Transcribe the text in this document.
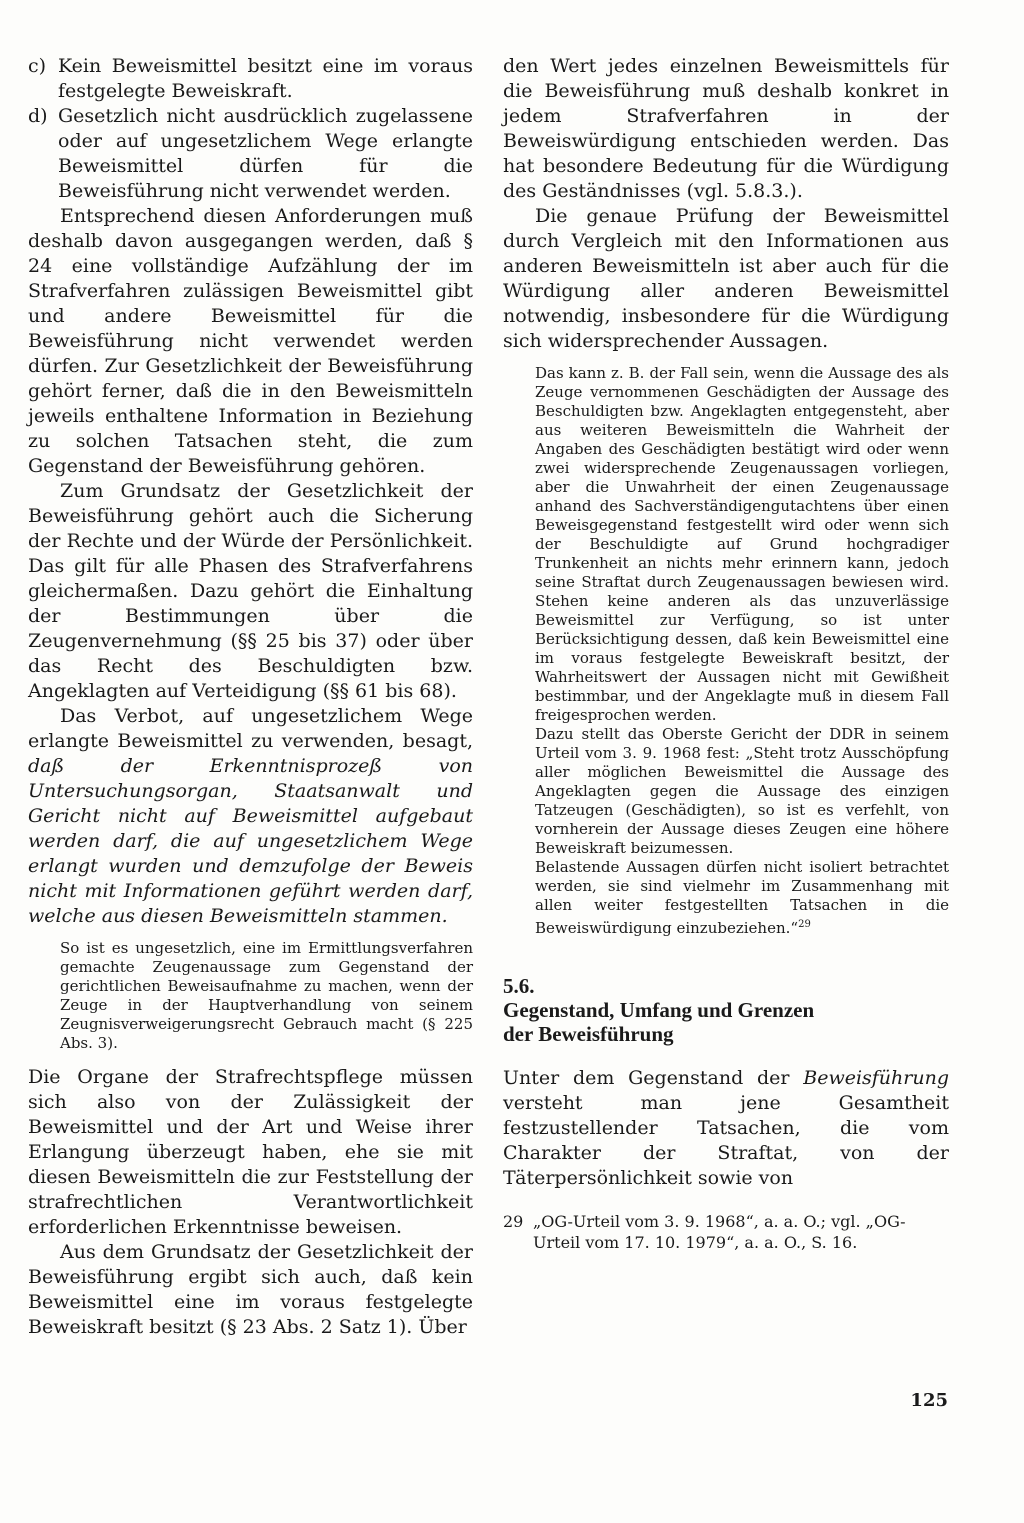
c) Kein Beweismittel besitzt eine im voraus festgelegte Beweiskraft.
d) Gesetzlich nicht ausdrücklich zugelassene oder auf ungesetzlichem Wege erlangte Beweismittel dürfen für die Beweisführung nicht verwendet werden.

Entsprechend diesen Anforderungen muß deshalb davon ausgegangen werden, daß § 24 eine vollständige Aufzählung der im Strafverfahren zulässigen Beweismittel gibt und andere Beweismittel für die Beweisführung nicht verwendet werden dürfen. Zur Gesetzlichkeit der Beweisführung gehört ferner, daß die in den Beweismitteln jeweils enthaltene Information in Beziehung zu solchen Tatsachen steht, die zum Gegenstand der Beweisführung gehören.

Zum Grundsatz der Gesetzlichkeit der Beweisführung gehört auch die Sicherung der Rechte und der Würde der Persönlichkeit. Das gilt für alle Phasen des Strafverfahrens gleichermaßen. Dazu gehört die Einhaltung der Bestimmungen über die Zeugenvernehmung (§§ 25 bis 37) oder über das Recht des Beschuldigten bzw. Angeklagten auf Verteidigung (§§ 61 bis 68).

Das Verbot, auf ungesetzlichem Wege erlangte Beweismittel zu verwenden, besagt, daß der Erkenntnisprozeß von Untersuchungsorgan, Staatsanwalt und Gericht nicht auf Beweismittel aufgebaut werden darf, die auf ungesetzlichem Wege erlangt wurden und demzufolge der Beweis nicht mit Informationen geführt werden darf, welche aus diesen Beweismitteln stammen.

So ist es ungesetzlich, eine im Ermittlungsverfahren gemachte Zeugenaussage zum Gegenstand der gerichtlichen Beweisaufnahme zu machen, wenn der Zeuge in der Hauptverhandlung von seinem Zeugnisverweigerungsrecht Gebrauch macht (§ 225 Abs. 3).

Die Organe der Strafrechtspflege müssen sich also von der Zulässigkeit der Beweismittel und der Art und Weise ihrer Erlangung überzeugt haben, ehe sie mit diesen Beweismitteln die zur Feststellung der strafrechtlichen Verantwortlichkeit erforderlichen Erkenntnisse beweisen.

Aus dem Grundsatz der Gesetzlichkeit der Beweisführung ergibt sich auch, daß kein Beweismittel eine im voraus festgelegte Beweiskraft besitzt (§ 23 Abs. 2 Satz 1). Über

den Wert jedes einzelnen Beweismittels für die Beweisführung muß deshalb konkret in jedem Strafverfahren in der Beweiswürdigung entschieden werden. Das hat besondere Bedeutung für die Würdigung des Geständnisses (vgl. 5.8.3.).

Die genaue Prüfung der Beweismittel durch Vergleich mit den Informationen aus anderen Beweismitteln ist aber auch für die Würdigung aller anderen Beweismittel notwendig, insbesondere für die Würdigung sich widersprechender Aussagen.

Das kann z. B. der Fall sein, wenn die Aussage des als Zeuge vernommenen Geschädigten der Aussage des Beschuldigten bzw. Angeklagten entgegensteht, aber aus weiteren Beweismitteln die Wahrheit der Angaben des Geschädigten bestätigt wird oder wenn zwei widersprechende Zeugenaussagen vorliegen, aber die Unwahrheit der einen Zeugenaussage anhand des Sachverständigengutachtens über einen Beweisgegenstand festgestellt wird oder wenn sich der Beschuldigte auf Grund hochgradiger Trunkenheit an nichts mehr erinnern kann, jedoch seine Straftat durch Zeugenaussagen bewiesen wird. Stehen keine anderen als das unzuverlässige Beweismittel zur Verfügung, so ist unter Berücksichtigung dessen, daß kein Beweismittel eine im voraus festgelegte Beweiskraft besitzt, der Wahrheitswert der Aussagen nicht mit Gewißheit bestimmbar, und der Angeklagte muß in diesem Fall freigesprochen werden.

Dazu stellt das Oberste Gericht der DDR in seinem Urteil vom 3. 9. 1968 fest: „Steht trotz Ausschöpfung aller möglichen Beweismittel die Aussage des Angeklagten gegen die Aussage des einzigen Tatzeugen (Geschädigten), so ist es verfehlt, von vornherein der Aussage dieses Zeugen eine höhere Beweiskraft beizumessen.

Belastende Aussagen dürfen nicht isoliert betrachtet werden, sie sind vielmehr im Zusammenhang mit allen weiter festgestellten Tatsachen in die Beweiswürdigung einzubeziehen.“$^{29}$

5.6.

Gegenstand, Umfang und Grenzen

der Beweisführung

Unter dem Gegenstand der Beweisführung versteht man jene Gesamtheit festzustellender Tatsachen, die vom Charakter der Straftat, von der Täterpersönlichkeit sowie von

29 „OG-Urteil vom 3. 9. 1968“, a. a. O.; vgl. „OG-Urteil vom 17. 10. 1979“, a. a. O., S. 16.
125
